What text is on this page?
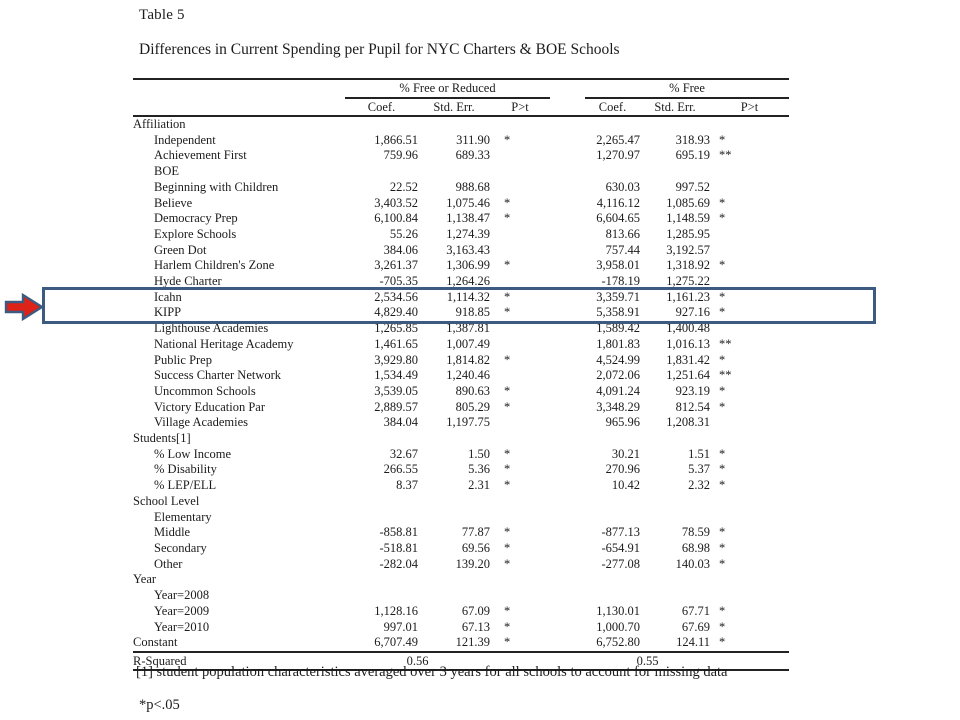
Table 5
Differences in Current Spending per Pupil for NYC Charters & BOE Schools
	% Free or Reduced				% Free		
	Coef.	Std. Err.	P>t		Coef.	Std. Err.	P>t
Affiliation							
Independent	1,866.51	311.90	*		2,265.47	318.93	*
Achievement First	759.96	689.33			1,270.97	695.19	**
BOE							
Beginning with Children	22.52	988.68			630.03	997.52	
Believe	3,403.52	1,075.46	*		4,116.12	1,085.69	*
Democracy Prep	6,100.84	1,138.47	*		6,604.65	1,148.59	*
Explore Schools	55.26	1,274.39			813.66	1,285.95	
Green Dot	384.06	3,163.43			757.44	3,192.57	
Harlem Children's Zone	3,261.37	1,306.99	*		3,958.01	1,318.92	*
Hyde Charter	-705.35	1,264.26			-178.19	1,275.22	
Icahn	2,534.56	1,114.32	*		3,359.71	1,161.23	*
KIPP	4,829.40	918.85	*		5,358.91	927.16	*
Lighthouse Academies	1,265.85	1,387.81			1,589.42	1,400.48	
National Heritage Academy	1,461.65	1,007.49			1,801.83	1,016.13	**
Public Prep	3,929.80	1,814.82	*		4,524.99	1,831.42	*
Success Charter Network	1,534.49	1,240.46			2,072.06	1,251.64	**
Uncommon Schools	3,539.05	890.63	*		4,091.24	923.19	*
Victory Education Par	2,889.57	805.29	*		3,348.29	812.54	*
Village Academies	384.04	1,197.75			965.96	1,208.31	
Students[1]							
% Low Income	32.67	1.50	*		30.21	1.51	*
% Disability	266.55	5.36	*		270.96	5.37	*
% LEP/ELL	8.37	2.31	*		10.42	2.32	*
School Level							
Elementary							
Middle	-858.81	77.87	*		-877.13	78.59	*
Secondary	-518.81	69.56	*		-654.91	68.98	*
Other	-282.04	139.20	*		-277.08	140.03	*
Year							
Year=2008							
Year=2009	1,128.16	67.09	*		1,130.01	67.71	*
Year=2010	997.01	67.13	*		1,000.70	67.69	*
Constant	6,707.49	121.39	*		6,752.80	124.11	*
R-Squared	0.56				0.55		
[1] student population characteristics averaged over 3 years for all schools to account for missing data
*p<.05
